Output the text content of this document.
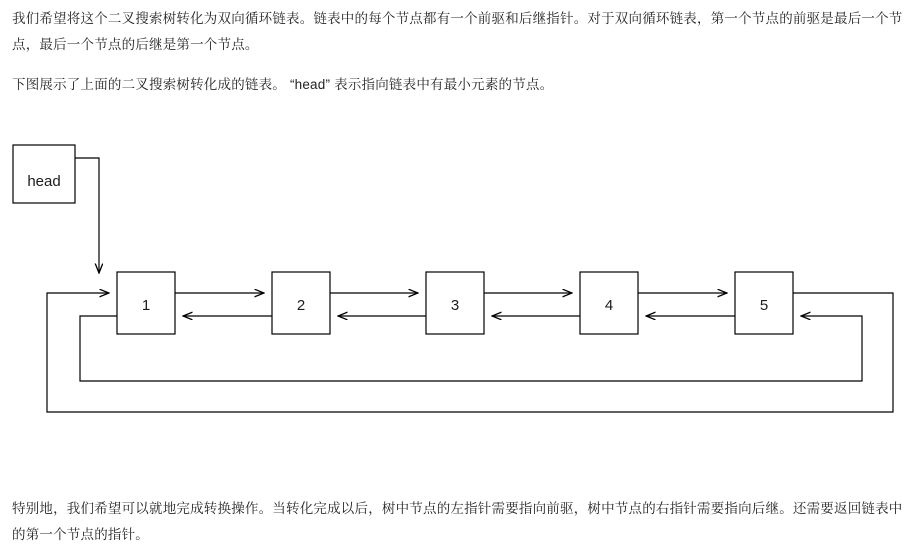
我们希望将这个二叉搜索树转化为双向循环链表。链表中的每个节点都有一个前驱和后继指针。对于双向循环链表，第一个节点的前驱是最后一个节点，最后一个节点的后继是第一个节点。
下图展示了上面的二叉搜索树转化成的链表。 “head” 表示指向链表中有最小元素的节点。
head
1	2	3	4	5
特别地，我们希望可以就地完成转换操作。当转化完成以后，树中节点的左指针需要指向前驱，树中节点的右指针需要指向后继。还需要返回链表中的第一个节点的指针。
